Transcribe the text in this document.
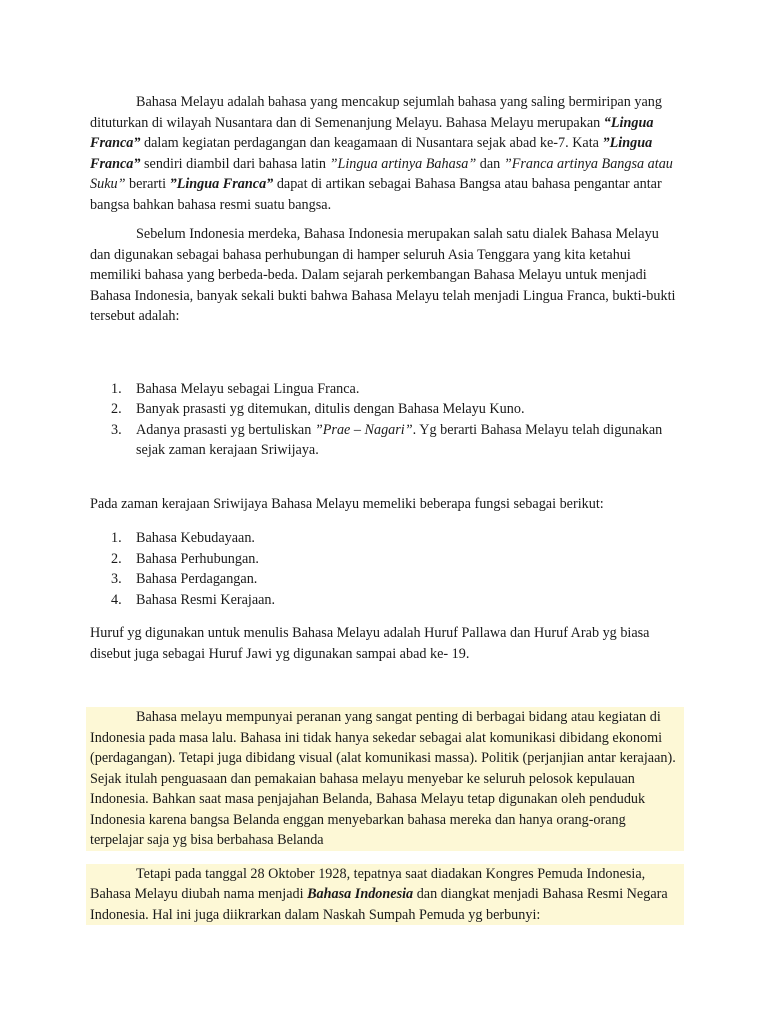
Bahasa Melayu adalah bahasa yang mencakup sejumlah bahasa yang saling bermiripan yang dituturkan di wilayah Nusantara dan di Semenanjung Melayu. Bahasa Melayu merupakan “Lingua Franca” dalam kegiatan perdagangan dan keagamaan di Nusantara sejak abad ke-7. Kata ”Lingua Franca” sendiri diambil dari bahasa latin ”Lingua artinya Bahasa” dan ”Franca artinya Bangsa atau Suku” berarti ”Lingua Franca” dapat di artikan sebagai Bahasa Bangsa atau bahasa pengantar antar bangsa bahkan bahasa resmi suatu bangsa.

Sebelum Indonesia merdeka, Bahasa Indonesia merupakan salah satu dialek Bahasa Melayu dan digunakan sebagai bahasa perhubungan di hamper seluruh Asia Tenggara yang kita ketahui memiliki bahasa yang berbeda-beda. Dalam sejarah perkembangan Bahasa Melayu untuk menjadi Bahasa Indonesia, banyak sekali bukti bahwa Bahasa Melayu telah menjadi Lingua Franca, bukti-bukti tersebut adalah:

1. Bahasa Melayu sebagai Lingua Franca.
2. Banyak prasasti yg ditemukan, ditulis dengan Bahasa Melayu Kuno.
3. Adanya prasasti yg bertuliskan ”Prae – Nagari”. Yg berarti Bahasa Melayu telah digunakan sejak zaman kerajaan Sriwijaya.

Pada zaman kerajaan Sriwijaya Bahasa Melayu memeliki beberapa fungsi sebagai berikut:

1. Bahasa Kebudayaan.
2. Bahasa Perhubungan.
3. Bahasa Perdagangan.
4. Bahasa Resmi Kerajaan.

Huruf yg digunakan untuk menulis Bahasa Melayu adalah Huruf Pallawa dan Huruf Arab yg biasa disebut juga sebagai Huruf Jawi yg digunakan sampai abad ke- 19.

Bahasa melayu mempunyai peranan yang sangat penting di berbagai bidang atau kegiatan di Indonesia pada masa lalu. Bahasa ini tidak hanya sekedar sebagai alat komunikasi dibidang ekonomi (perdagangan). Tetapi juga dibidang visual (alat komunikasi massa). Politik (perjanjian antar kerajaan). Sejak itulah penguasaan dan pemakaian bahasa melayu menyebar ke seluruh pelosok kepulauan Indonesia. Bahkan saat masa penjajahan Belanda, Bahasa Melayu tetap digunakan oleh penduduk Indonesia karena bangsa Belanda enggan menyebarkan bahasa mereka dan hanya orang-orang terpelajar saja yg bisa berbahasa Belanda

Tetapi pada tanggal 28 Oktober 1928, tepatnya saat diadakan Kongres Pemuda Indonesia, Bahasa Melayu diubah nama menjadi Bahasa Indonesia dan diangkat menjadi Bahasa Resmi Negara Indonesia. Hal ini juga diikrarkan dalam Naskah Sumpah Pemuda yg berbunyi:
